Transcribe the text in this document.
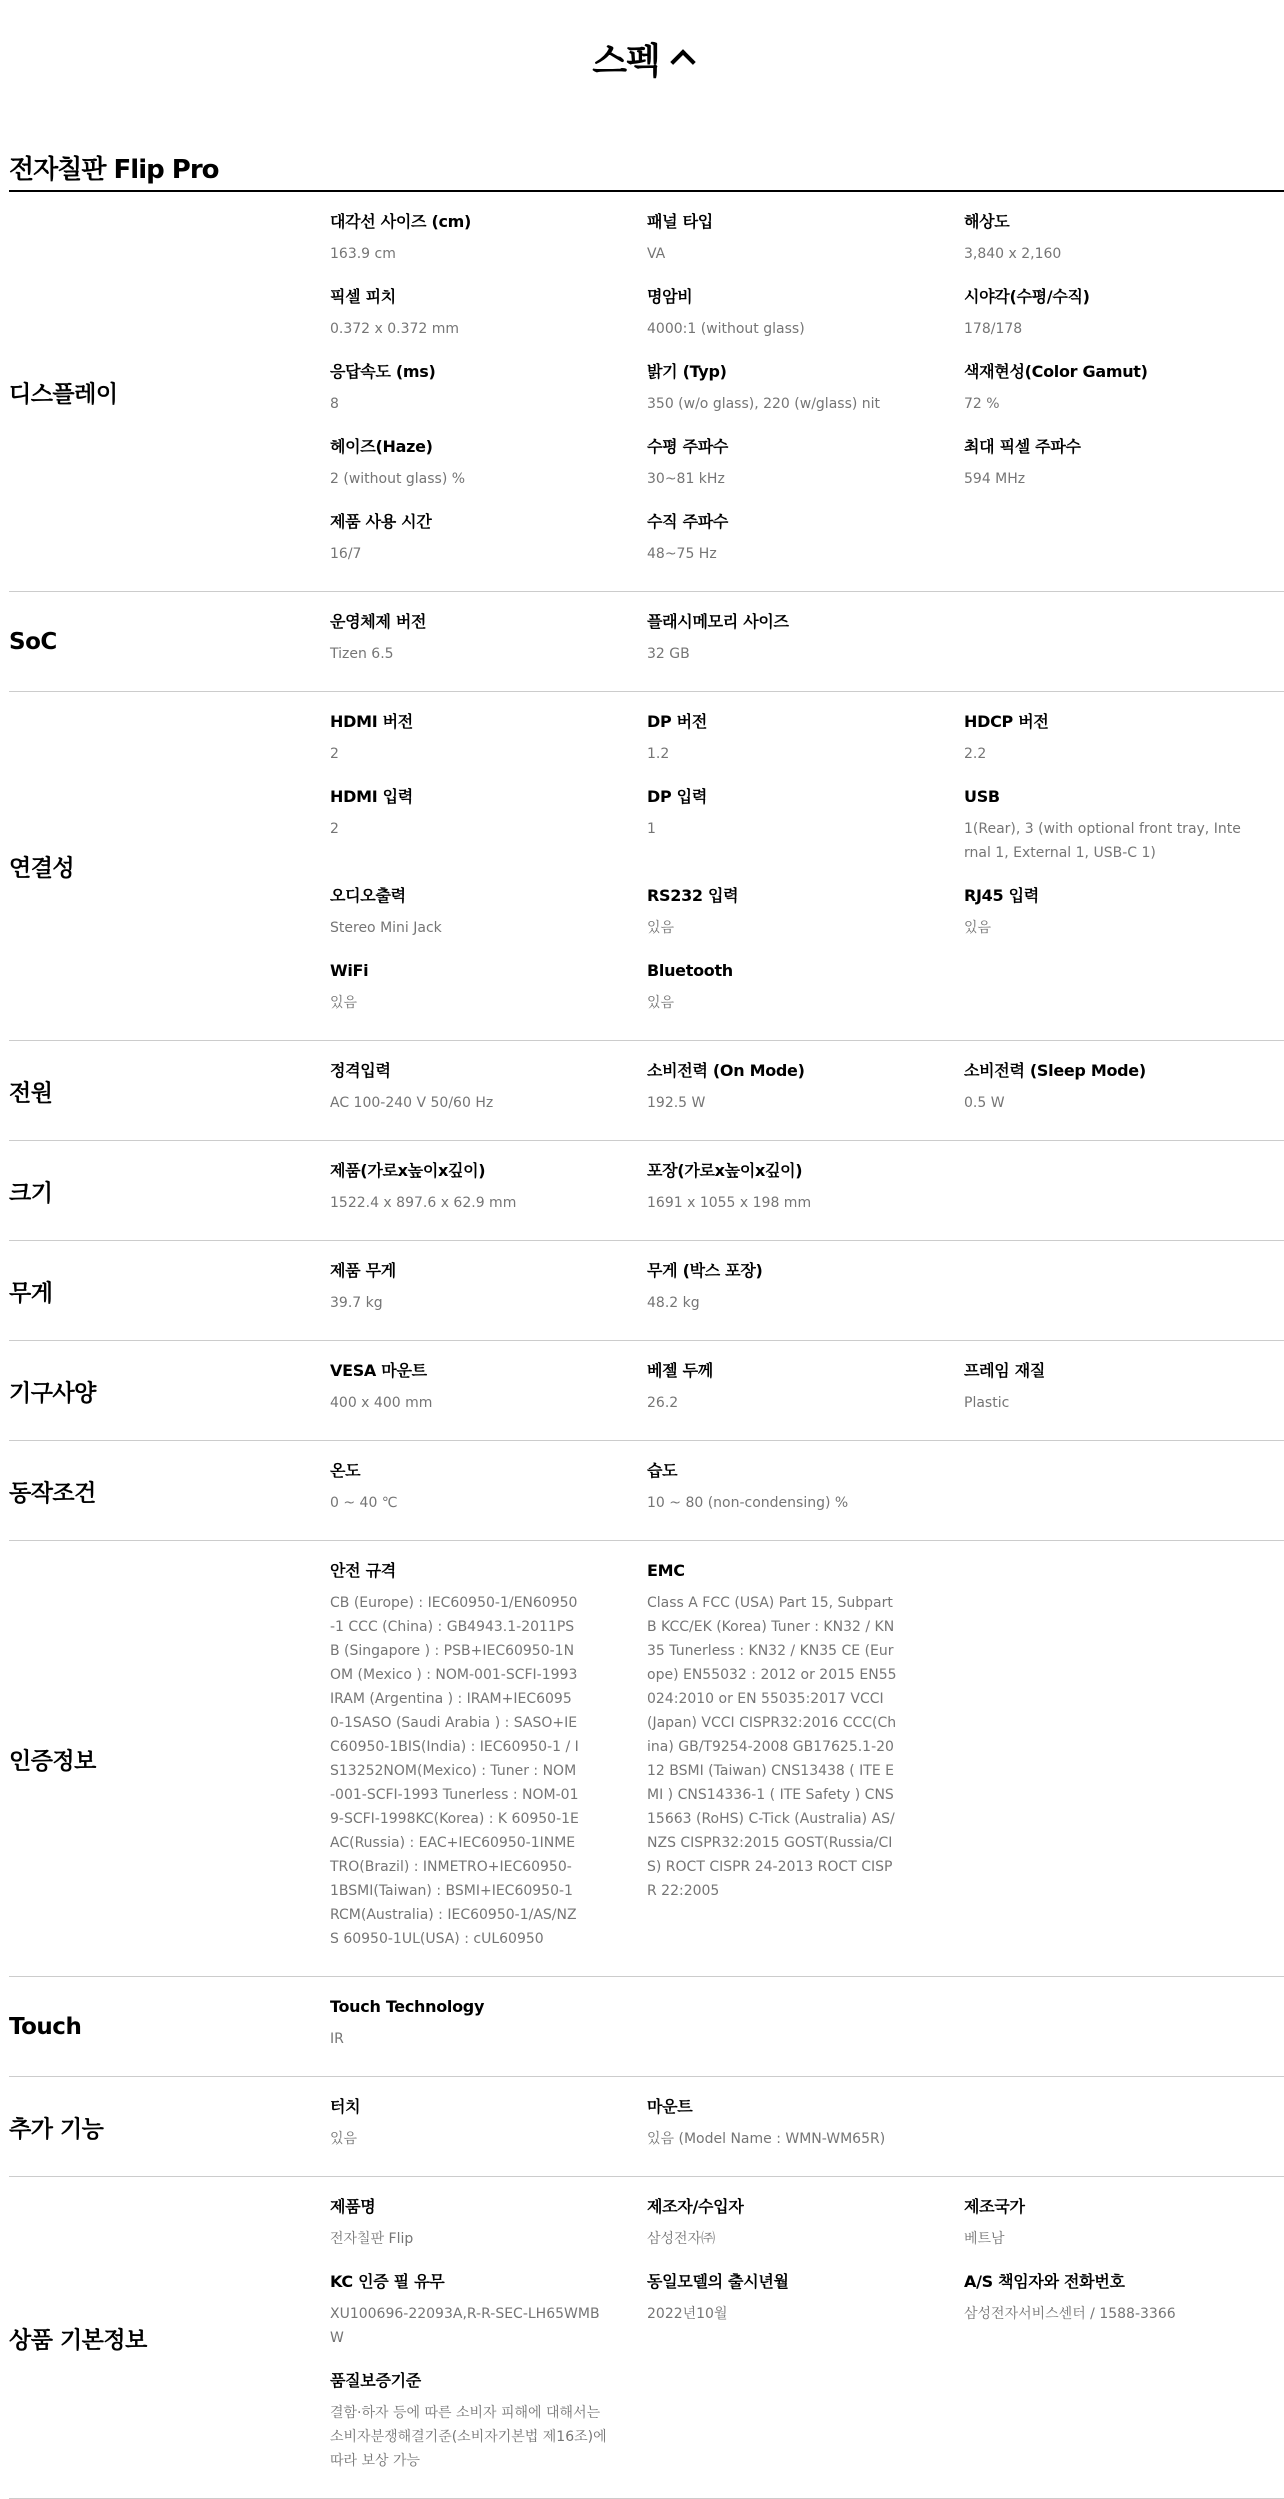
스펙
전자칠판 Flip Pro
디스플레이
대각선 사이즈 (cm)
163.9 cm
패널 타입
VA
해상도
3,840 x 2,160
픽셀 피치
0.372 x 0.372 mm
명암비
4000:1 (without glass)
시야각(수평/수직)
178/178
응답속도 (ms)
8
밝기 (Typ)
350 (w/o glass), 220 (w/glass) nit
색재현성(Color Gamut)
72 %
헤이즈(Haze)
2 (without glass) %
수평 주파수
30~81 kHz
최대 픽셀 주파수
594 MHz
제품 사용 시간
16/7
수직 주파수
48~75 Hz
SoC
운영체제 버전
Tizen 6.5
플래시메모리 사이즈
32 GB
연결성
HDMI 버전
2
DP 버전
1.2
HDCP 버전
2.2
HDMI 입력
2
DP 입력
1
USB
1(Rear), 3 (with optional front tray, Internal 1, External 1, USB-C 1)
오디오출력
Stereo Mini Jack
RS232 입력
있음
RJ45 입력
있음
WiFi
있음
Bluetooth
있음
전원
정격입력
AC 100-240 V 50/60 Hz
소비전력 (On Mode)
192.5 W
소비전력 (Sleep Mode)
0.5 W
크기
제품(가로x높이x깊이)
1522.4 x 897.6 x 62.9 mm
포장(가로x높이x깊이)
1691 x 1055 x 198 mm
무게
제품 무게
39.7 kg
무게 (박스 포장)
48.2 kg
기구사양
VESA 마운트
400 x 400 mm
베젤 두께
26.2
프레임 재질
Plastic
동작조건
온도
0 ~ 40 ℃
습도
10 ~ 80 (non-condensing) %
인증정보
안전 규격
CB (Europe) : IEC60950-1/EN60950-1 CCC (China) : GB4943.1-2011PSB (Singapore ) : PSB+IEC60950-1NOM (Mexico ) : NOM-001-SCFI-1993IRAM (Argentina ) : IRAM+IEC60950-1SASO (Saudi Arabia ) : SASO+IEC60950-1BIS(India) : IEC60950-1 / IS13252NOM(Mexico) : Tuner : NOM-001-SCFI-1993 Tunerless : NOM-019-SCFI-1998KC(Korea) : K 60950-1EAC(Russia) : EAC+IEC60950-1INMETRO(Brazil) : INMETRO+IEC60950-1BSMI(Taiwan) : BSMI+IEC60950-1RCM(Australia) : IEC60950-1/AS/NZS 60950-1UL(USA) : cUL60950
EMC
Class A FCC (USA) Part 15, Subpart B KCC/EK (Korea) Tuner : KN32 / KN35 Tunerless : KN32 / KN35 CE (Europe) EN55032 : 2012 or 2015 EN55024:2010 or EN 55035:2017 VCCI (Japan) VCCI CISPR32:2016 CCC(China) GB/T9254-2008 GB17625.1-2012 BSMI (Taiwan) CNS13438 ( ITE EMI ) CNS14336-1 ( ITE Safety ) CNS15663 (RoHS) C-Tick (Australia) AS/NZS CISPR32:2015 GOST(Russia/CIS) ROCT CISPR 24-2013 ROCT CISPR 22:2005
Touch
Touch Technology
IR
추가 기능
터치
있음
마운트
있음 (Model Name : WMN-WM65R)
상품 기본정보
제품명
전자칠판 Flip
제조자/수입자
삼성전자㈜
제조국가
베트남
KC 인증 필 유무
XU100696-22093A,R-R-SEC-LH65WMBW
동일모델의 출시년월
2022년10월
A/S 책임자와 전화번호
삼성전자서비스센터 / 1588-3366
품질보증기준
결함·하자 등에 따른 소비자 피해에 대해서는 소비자분쟁해결기준(소비자기본법 제16조)에 따라 보상 가능
